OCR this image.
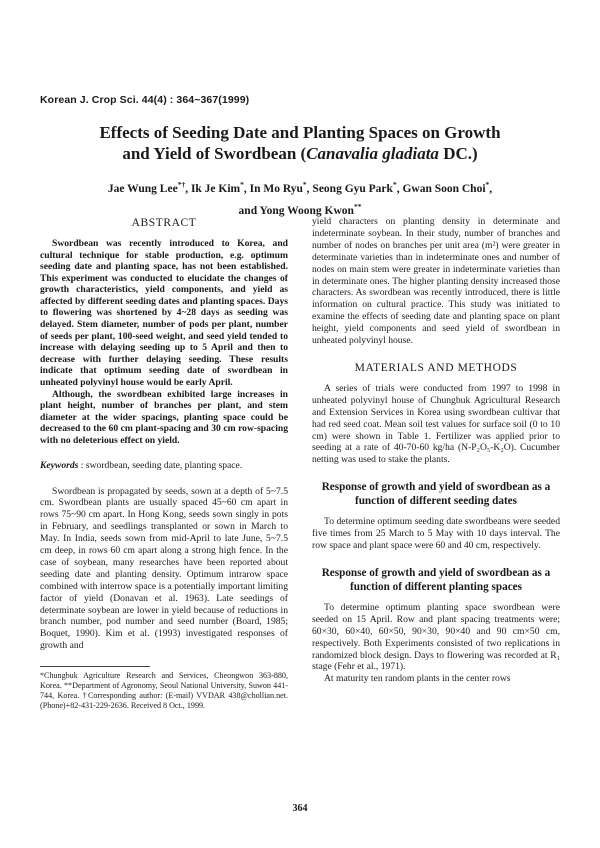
Korean J. Crop Sci. 44(4) : 364~367(1999)
Effects of Seeding Date and Planting Spaces on Growth
and Yield of Swordbean (Canavalia gladiata DC.)
Jae Wung Lee*†, Ik Je Kim*, In Mo Ryu*, Seong Gyu Park*, Gwan Soon Choi*,
and Yong Woong Kwon**
ABSTRACT

Swordbean was recently introduced to Korea, and cultural technique for stable production, e.g. optimum seeding date and planting space, has not been established. This experiment was conducted to elucidate the changes of growth characteristics, yield components, and yield as affected by different seeding dates and planting spaces. Days to flowering was shortened by 4~28 days as seeding was delayed. Stem diameter, number of pods per plant, number of seeds per plant, 100-seed weight, and seed yield tended to increase with delaying seeding up to 5 April and then to decrease with further delaying seeding. These results indicate that optimum seeding date of swordbean in unheated polyvinyl house would be early April.

Although, the swordbean exhibited large increases in plant height, number of branches per plant, and stem diameter at the wider spacings, planting space could be decreased to the 60 cm plant-spacing and 30 cm row-spacing with no deleterious effect on yield.

Keywords : swordbean, seeding date, planting space.

Swordbean is propagated by seeds, sown at a depth of 5~7.5 cm. Swordbean plants are usually spaced 45~60 cm apart in rows 75~90 cm apart. In Hong Kong, seeds sown singly in pots in February, and seedlings transplanted or sown in March to May. In India, seeds sown from mid-April to late June, 5~7.5 cm deep, in rows 60 cm apart along a strong high fence. In the case of soybean, many researches have been reported about seeding date and planting density. Optimum intrarow space combined with interrow space is a potentially important limiting factor of yield (Donavan et al. 1963). Late seedings of determinate soybean are lower in yield because of reductions in branch number, pod number and seed number (Board, 1985; Boquet, 1990). Kim et al. (1993) investigated responses of growth and

*Chungbuk Agriculture Research and Services, Cheongwon 363-880, Korea. **Department of Agronomy, Seoul National University, Suwon 441-744, Korea. †Corresponding author: (E-mail) VVDAR 438@chollian.net. (Phone)+82-431-229-2636. Received 8 Oct., 1999.

yield characters on planting density in determinate and indeterminate soybean. In their study, number of branches and number of nodes on branches per unit area (m²) were greater in determinate varieties than in indeterminate ones and number of nodes on main stem were greater in indeterminate varieties than in determinate ones. The higher planting density increased those characters. As swordbean was recently introduced, there is little information on cultural practice. This study was initiated to examine the effects of seeding date and planting space on plant height, yield components and seed yield of swordbean in unheated polyvinyl house.

MATERIALS AND METHODS

A series of trials were conducted from 1997 to 1998 in unheated polyvinyl house of Chungbuk Agricultural Research and Extension Services in Korea using swordbean cultivar that had red seed coat. Mean soil test values for surface soil (0 to 10 cm) were shown in Table 1. Fertilizer was applied prior to seeding at a rate of 40-70-60 kg/ha (N-P₂O₅-K₂O). Cucumber netting was used to stake the plants.

Response of growth and yield of swordbean as a function of different seeding dates

To determine optimum seeding date swordbeans were seeded five times from 25 March to 5 May with 10 days interval. The row space and plant space were 60 and 40 cm, respectively.

Response of growth and yield of swordbean as a function of different planting spaces

To determine optimum planting space swordbean were seeded on 15 April. Row and plant spacing treatments were; 60×30, 60×40, 60×50, 90×30, 90×40 and 90 cm×50 cm, respectively. Both Experiments consisted of two replications in randomized block design. Days to flowering was recorded at R₁ stage (Fehr et al., 1971).

At maturity ten random plants in the center rows

364
